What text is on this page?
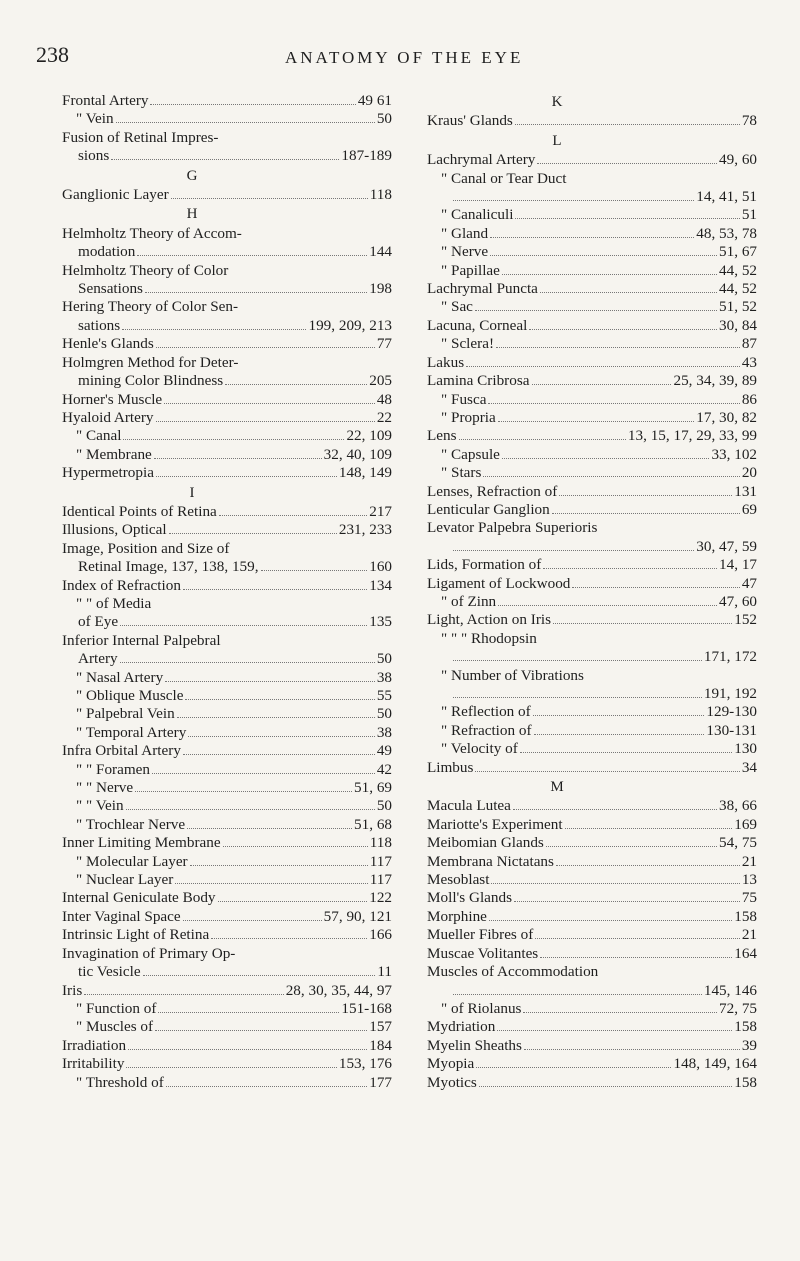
238	ANATOMY OF THE EYE
Frontal Artery	49 61
" Vein	50
Fusion of Retinal Impres-
sions	187-189
G
Ganglionic Layer	118
H
Helmholtz Theory of Accom-
modation	144
Helmholtz Theory of Color
Sensations	198
Hering Theory of Color Sen-
sations	199, 209, 213
Henle's Glands	77
Holmgren Method for Deter-
mining Color Blindness	205
Horner's Muscle	48
Hyaloid Artery	22
" Canal	22, 109
" Membrane	32, 40, 109
Hypermetropia	148, 149
I
Identical Points of Retina	217
Illusions, Optical	231, 233
Image, Position and Size of
Retinal Image, 137, 138, 159,	160
Index of Refraction	134
" " of Media
of Eye	135
Inferior Internal Palpebral
Artery	50
" Nasal Artery	38
" Oblique Muscle	55
" Palpebral Vein	50
" Temporal Artery	38
Infra Orbital Artery	49
" " Foramen	42
" " Nerve	51, 69
" " Vein	50
" Trochlear Nerve	51, 68
Inner Limiting Membrane	118
" Molecular Layer	117
" Nuclear Layer	117
Internal Geniculate Body	122
Inter Vaginal Space	57, 90, 121
Intrinsic Light of Retina	166
Invagination of Primary Op-
tic Vesicle	11
Iris	28, 30, 35, 44, 97
" Function of	151-168
" Muscles of	157
Irradiation	184
Irritability	153, 176
" Threshold of	177
K
Kraus' Glands	78
L
Lachrymal Artery	49, 60
" Canal or Tear Duct
14, 41, 51
" Canaliculi	51
" Gland	48, 53, 78
" Nerve	51, 67
" Papillae	44, 52
Lachrymal Puncta	44, 52
" Sac	51, 52
Lacuna, Corneal	30, 84
" Sclera!	87
Lakus	43
Lamina Cribrosa	25, 34, 39, 89
" Fusca	86
" Propria	17, 30, 82
Lens	13, 15, 17, 29, 33, 99
" Capsule	33, 102
" Stars	20
Lenses, Refraction of	131
Lenticular Ganglion	69
Levator Palpebra Superioris
30, 47, 59
Lids, Formation of	14, 17
Ligament of Lockwood	47
" of Zinn	47, 60
Light, Action on Iris	152
" " " Rhodopsin
171, 172
" Number of Vibrations
191, 192
" Reflection of	129-130
" Refraction of	130-131
" Velocity of	130
Limbus	34
M
Macula Lutea	38, 66
Mariotte's Experiment	169
Meibomian Glands	54, 75
Membrana Nictatans	21
Mesoblast	13
Moll's Glands	75
Morphine	158
Mueller Fibres of	21
Muscae Volitantes	164
Muscles of Accommodation
145, 146
" of Riolanus	72, 75
Mydriation	158
Myelin Sheaths	39
Myopia	148, 149, 164
Myotics	158
